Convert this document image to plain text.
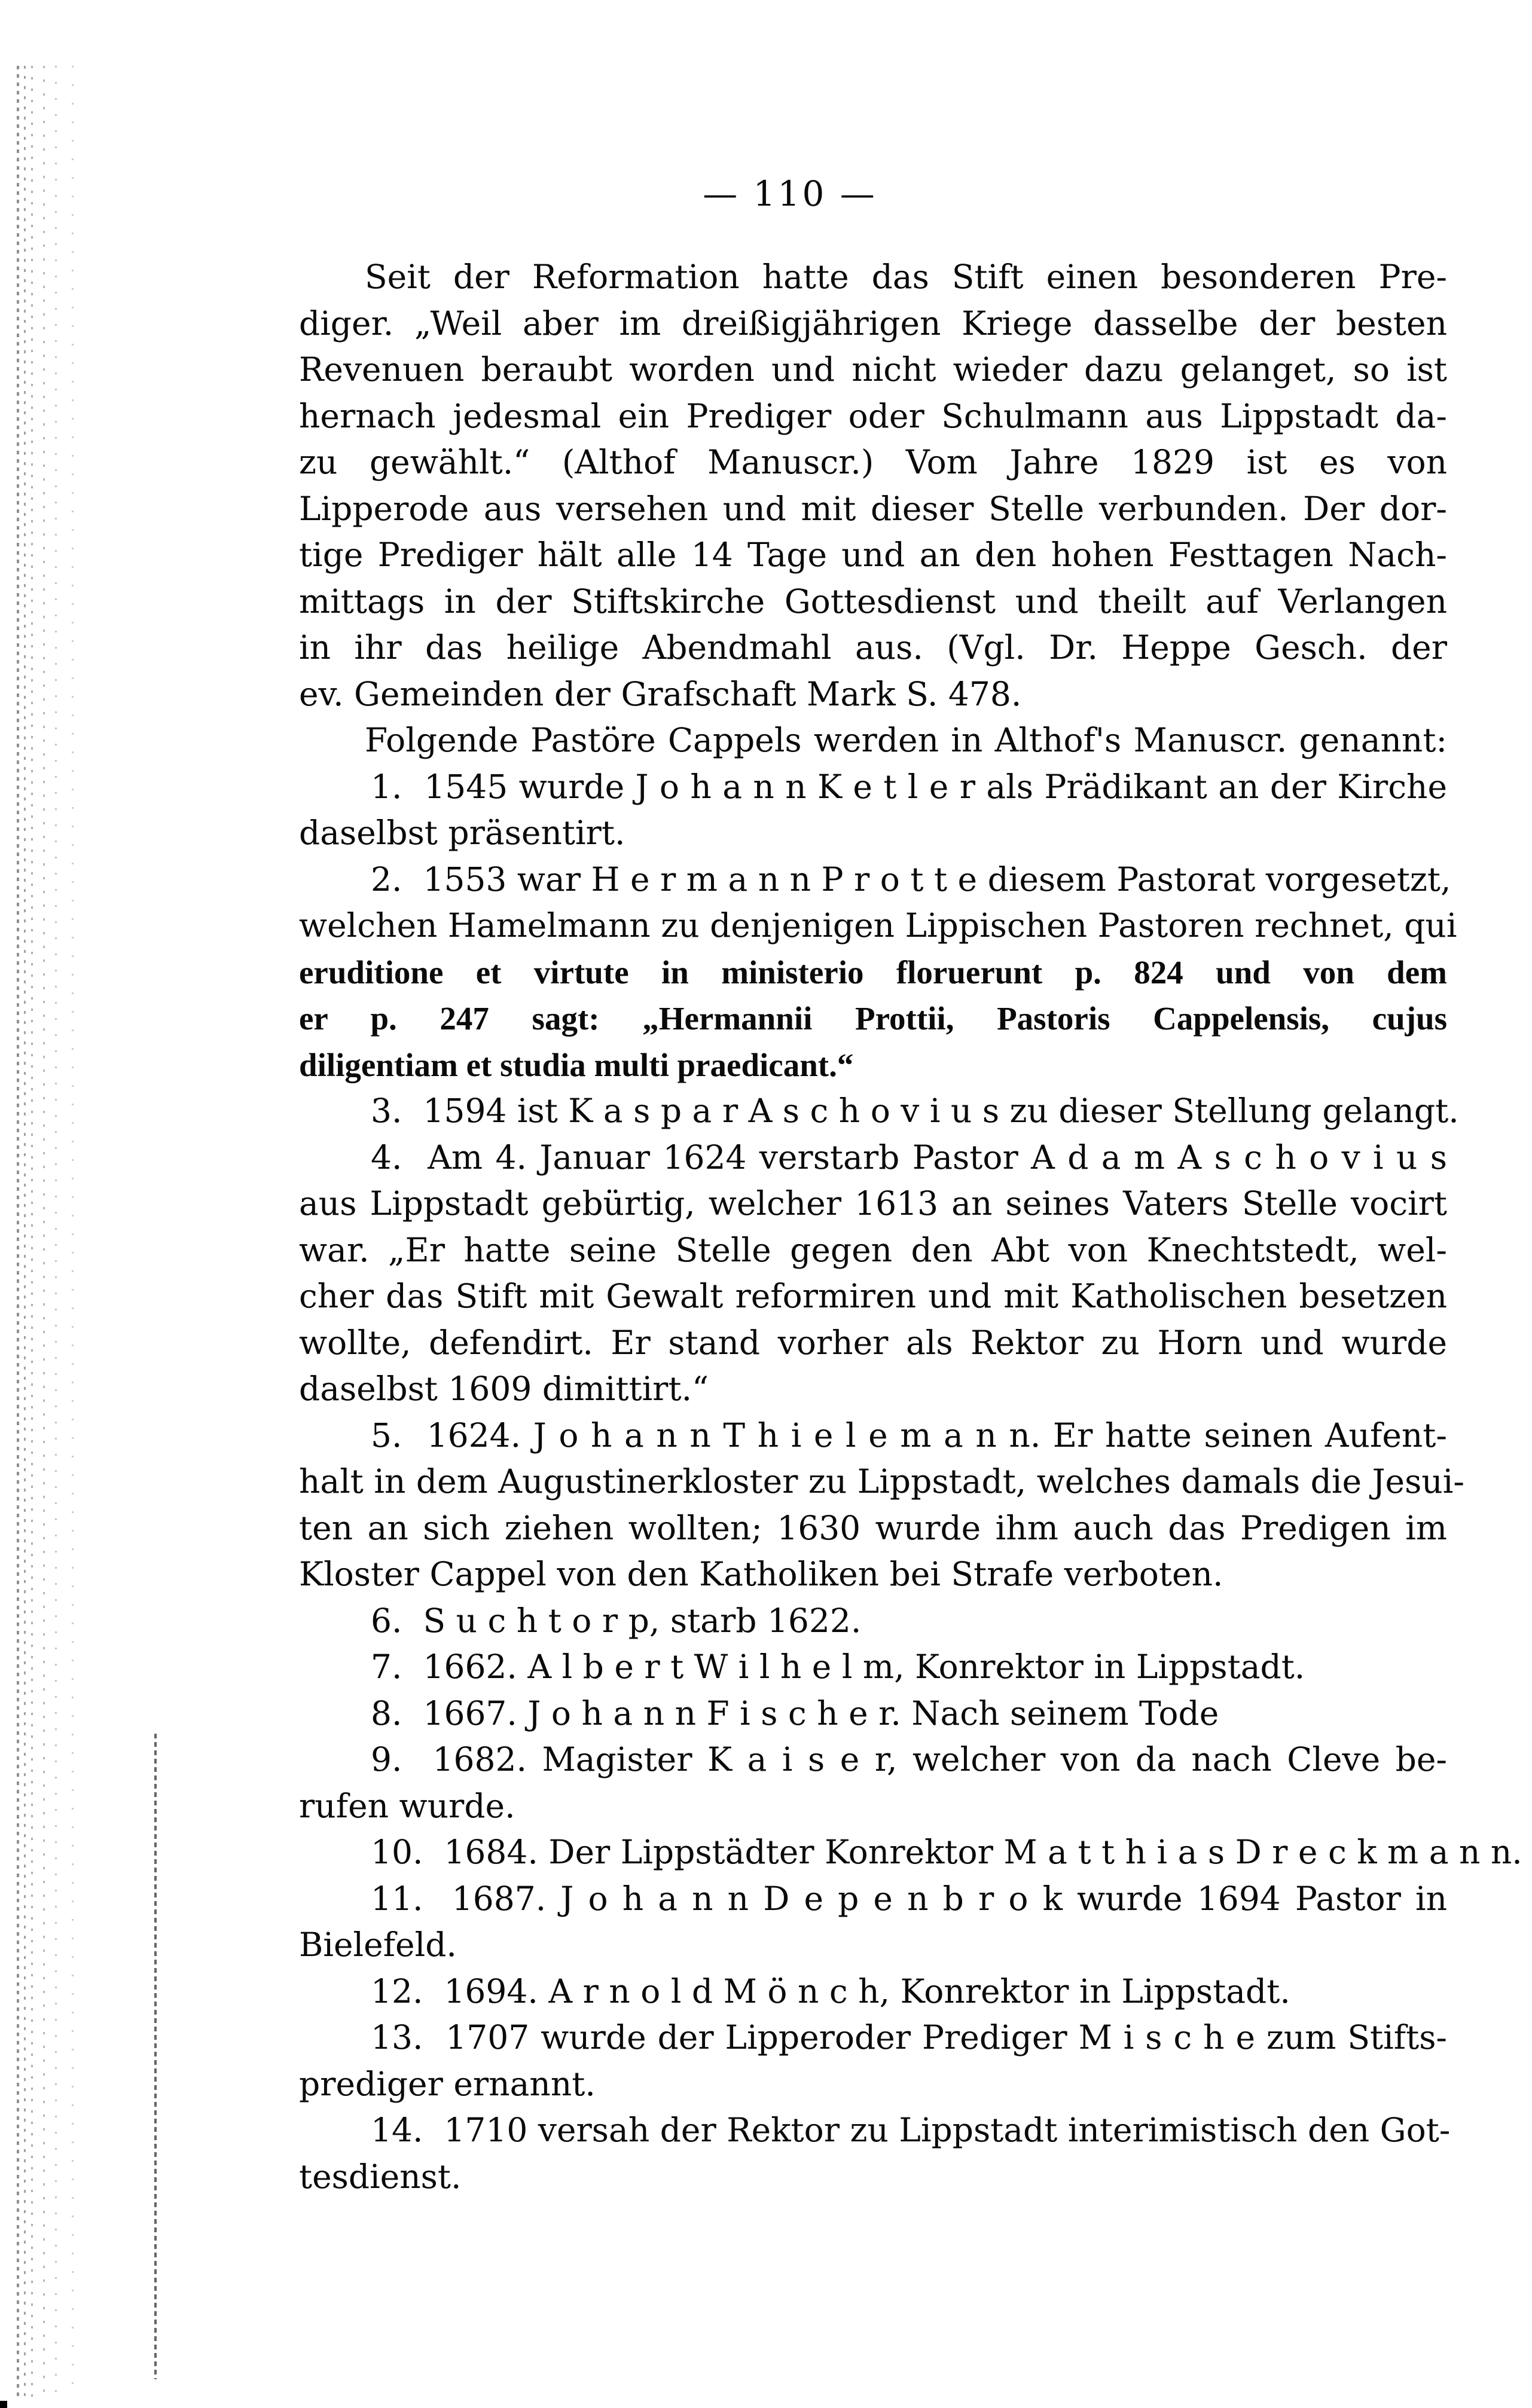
— 110 —
Seit der Reformation hatte das Stift einen besonderen Pre-
diger. „Weil aber im dreißigjährigen Kriege dasselbe der besten
Revenuen beraubt worden und nicht wieder dazu gelanget, so ist
hernach jedesmal ein Prediger oder Schulmann aus Lippstadt da-
zu gewählt.“ (Althof Manuscr.) Vom Jahre 1829 ist es von
Lipperode aus versehen und mit dieser Stelle verbunden. Der dor-
tige Prediger hält alle 14 Tage und an den hohen Festtagen Nach-
mittags in der Stiftskirche Gottesdienst und theilt auf Verlangen
in ihr das heilige Abendmahl aus. (Vgl. Dr. Heppe Gesch. der
ev. Gemeinden der Grafschaft Mark S. 478.
Folgende Pastöre Cappels werden in Althof's Manuscr. genannt:
1. 1545 wurde J o h a n n K e t l e r als Prädikant an der Kirche
daselbst präsentirt.
2. 1553 war H e r m a n n P r o t t e diesem Pastorat vorgesetzt,
welchen Hamelmann zu denjenigen Lippischen Pastoren rechnet, qui
eruditione et virtute in ministerio floruerunt p. 824 und von dem
er p. 247 sagt: „Hermannii Prottii, Pastoris Cappelensis, cujus
diligentiam et studia multi praedicant.“
3. 1594 ist K a s p a r A s c h o v i u s zu dieser Stellung gelangt.
4. Am 4. Januar 1624 verstarb Pastor A d a m A s c h o v i u s
aus Lippstadt gebürtig, welcher 1613 an seines Vaters Stelle vocirt
war. „Er hatte seine Stelle gegen den Abt von Knechtstedt, wel-
cher das Stift mit Gewalt reformiren und mit Katholischen besetzen
wollte, defendirt. Er stand vorher als Rektor zu Horn und wurde
daselbst 1609 dimittirt.“
5. 1624. J o h a n n T h i e l e m a n n. Er hatte seinen Aufent-
halt in dem Augustinerkloster zu Lippstadt, welches damals die Jesui-
ten an sich ziehen wollten; 1630 wurde ihm auch das Predigen im
Kloster Cappel von den Katholiken bei Strafe verboten.
6. S u c h t o r p, starb 1622.
7. 1662. A l b e r t W i l h e l m, Konrektor in Lippstadt.
8. 1667. J o h a n n F i s c h e r. Nach seinem Tode
9. 1682. Magister K a i s e r, welcher von da nach Cleve be-
rufen wurde.
10. 1684. Der Lippstädter Konrektor M a t t h i a s D r e c k m a n n.
11. 1687. J o h a n n D e p e n b r o k wurde 1694 Pastor in
Bielefeld.
12. 1694. A r n o l d M ö n c h, Konrektor in Lippstadt.
13. 1707 wurde der Lipperoder Prediger M i s c h e zum Stifts-
prediger ernannt.
14. 1710 versah der Rektor zu Lippstadt interimistisch den Got-
tesdienst.
